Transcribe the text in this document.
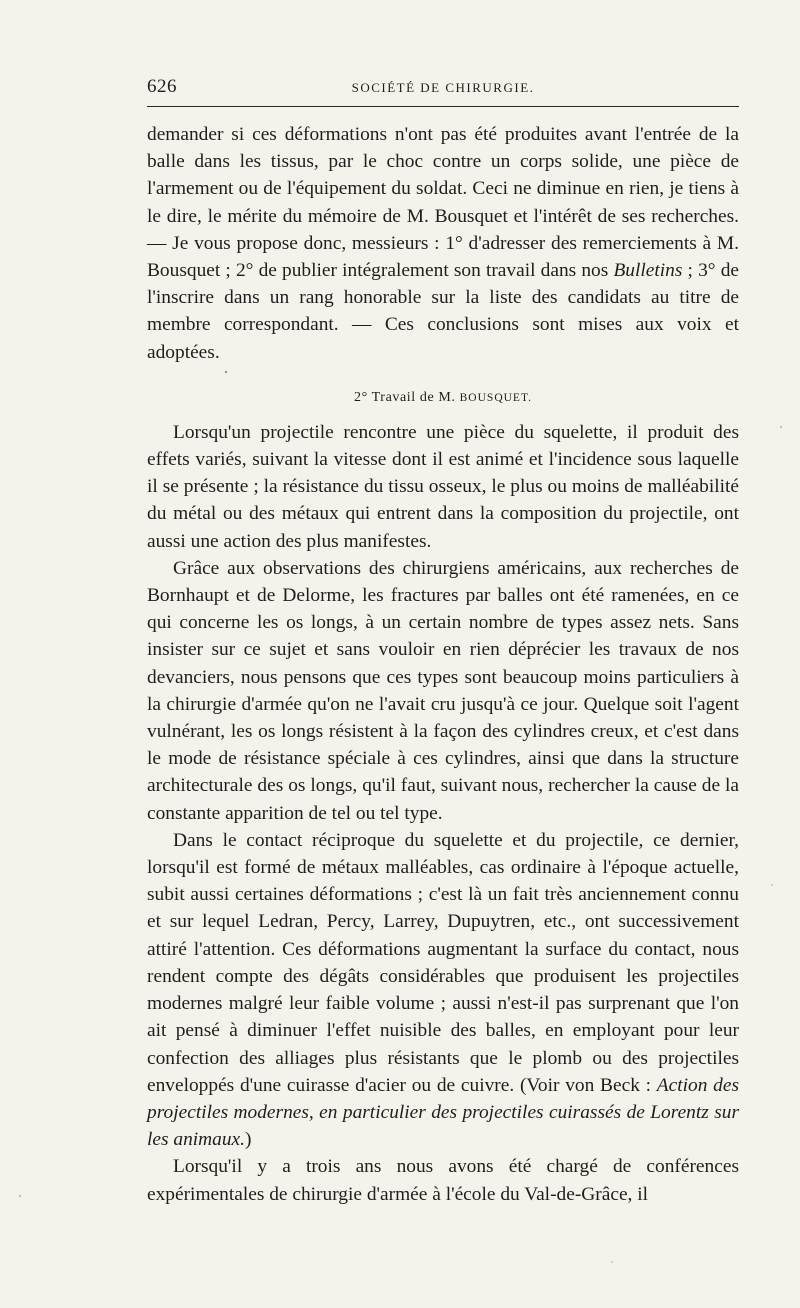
626	SOCIÉTÉ DE CHIRURGIE.

demander si ces déformations n'ont pas été produites avant l'entrée de la balle dans les tissus, par le choc contre un corps solide, une pièce de l'armement ou de l'équipement du soldat. Ceci ne diminue en rien, je tiens à le dire, le mérite du mémoire de M. Bousquet et l'intérêt de ses recherches. — Je vous propose donc, messieurs : 1° d'adresser des remerciements à M. Bousquet ; 2° de publier intégralement son travail dans nos Bulletins ; 3° de l'inscrire dans un rang honorable sur la liste des candidats au titre de membre correspondant. — Ces conclusions sont mises aux voix et adoptées.

2° Travail de M. BOUSQUET.

Lorsqu'un projectile rencontre une pièce du squelette, il produit des effets variés, suivant la vitesse dont il est animé et l'incidence sous laquelle il se présente ; la résistance du tissu osseux, le plus ou moins de malléabilité du métal ou des métaux qui entrent dans la composition du projectile, ont aussi une action des plus manifestes.

Grâce aux observations des chirurgiens américains, aux recherches de Bornhaupt et de Delorme, les fractures par balles ont été ramenées, en ce qui concerne les os longs, à un certain nombre de types assez nets. Sans insister sur ce sujet et sans vouloir en rien déprécier les travaux de nos devanciers, nous pensons que ces types sont beaucoup moins particuliers à la chirurgie d'armée qu'on ne l'avait cru jusqu'à ce jour. Quelque soit l'agent vulnérant, les os longs résistent à la façon des cylindres creux, et c'est dans le mode de résistance spéciale à ces cylindres, ainsi que dans la structure architecturale des os longs, qu'il faut, suivant nous, rechercher la cause de la constante apparition de tel ou tel type.

Dans le contact réciproque du squelette et du projectile, ce dernier, lorsqu'il est formé de métaux malléables, cas ordinaire à l'époque actuelle, subit aussi certaines déformations ; c'est là un fait très anciennement connu et sur lequel Ledran, Percy, Larrey, Dupuytren, etc., ont successivement attiré l'attention. Ces déformations augmentant la surface du contact, nous rendent compte des dégâts considérables que produisent les projectiles modernes malgré leur faible volume ; aussi n'est-il pas surprenant que l'on ait pensé à diminuer l'effet nuisible des balles, en employant pour leur confection des alliages plus résistants que le plomb ou des projectiles enveloppés d'une cuirasse d'acier ou de cuivre. (Voir von Beck : Action des projectiles modernes, en particulier des projectiles cuirassés de Lorentz sur les animaux.)

Lorsqu'il y a trois ans nous avons été chargé de conférences expérimentales de chirurgie d'armée à l'école du Val-de-Grâce, il
